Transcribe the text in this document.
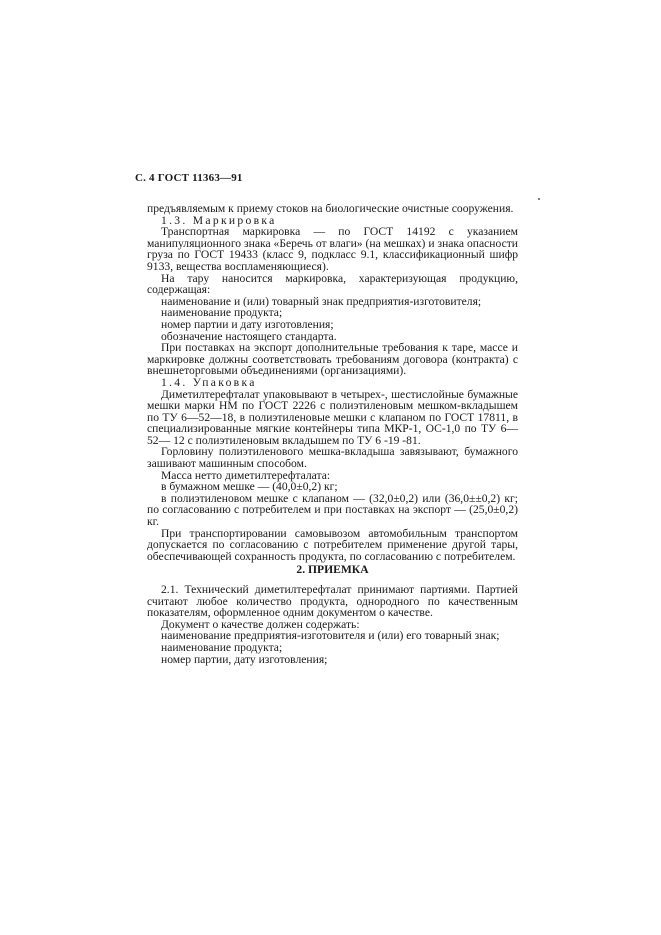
С. 4 ГОСТ 11363—91

предъявляемым к приему стоков на биологические очистные сооружения.

1.3. Маркировка

Транспортная маркировка — по ГОСТ 14192 с указанием манипуляционного знака «Беречь от влаги» (на мешках) и знака опасности груза по ГОСТ 19433 (класс 9, подкласс 9.1, классификационный шифр 9133, вещества воспламеняющиеся).

На тару наносится маркировка, характеризующая продукцию, содержащая:

наименование и (или) товарный знак предприятия-изготовителя;

наименование продукта;

номер партии и дату изготовления;

обозначение настоящего стандарта.

При поставках на экспорт дополнительные требования к таре, массе и маркировке должны соответствовать требованиям договора (контракта) с внешнеторговыми объединениями (организациями).

1.4. Упаковка

Диметилтерефталат упаковывают в четырех-, шестислойные бумажные мешки марки НМ по ГОСТ 2226 с полиэтиленовым мешком-вкладышем по ТУ 6—52—18, в полиэтиленовые мешки с клапаном по ГОСТ 17811, в специализированные мягкие контейнеры типа МКР-1, ОС-1,0 по ТУ 6— 52— 12 с полиэтиленовым вкладышем по ТУ 6 -19 -81.

Горловину полиэтиленового мешка-вкладыша завязывают, бумажного зашивают машинным способом.

Масса нетто диметилтерефталата:

в бумажном мешке — (40,0±0,2) кг;

в полиэтиленовом мешке с клапаном — (32,0±0,2) или (36,0±±0,2) кг; по согласованию с потребителем и при поставках на экспорт — (25,0±0,2) кг.

При транспортировании самовывозом автомобильным транспортом допускается по согласованию с потребителем применение другой тары, обеспечивающей сохранность продукта, по согласованию с потребителем.

2. ПРИЕМКА

2.1. Технический диметилтерефталат принимают партиями. Партией считают любое количество продукта, однородного по качественным показателям, оформленное одним документом о качестве.

Документ о качестве должен содержать:

наименование предприятия-изготовителя и (или) его товарный знак;

наименование продукта;

номер партии, дату изготовления;
